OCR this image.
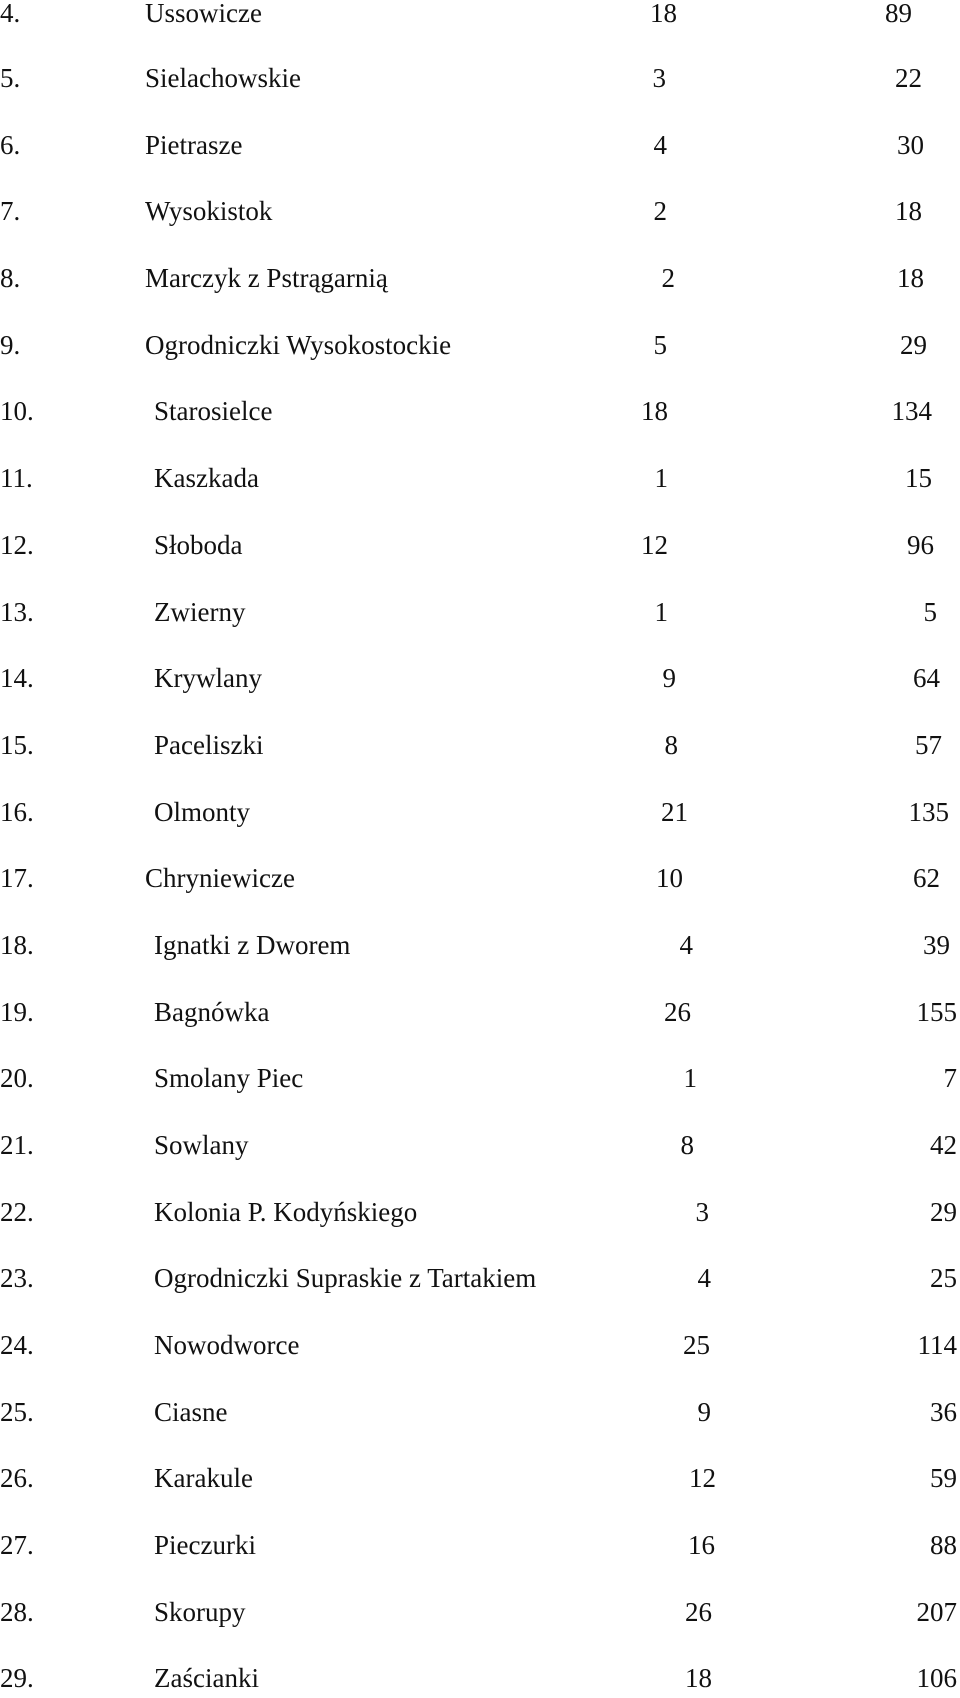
4.	Ussowicze	18	89
5.	Sielachowskie	3	22
6.	Pietrasze	4	30
7.	Wysokistok	2	18
8.	Marczyk z Pstrągarnią	2	18
9.	Ogrodniczki Wysokostockie	5	29
10.	Starosielce	18	134
11.	Kaszkada	1	15
12.	Słoboda	12	96
13.	Zwierny	1	5
14.	Krywlany	9	64
15.	Paceliszki	8	57
16.	Olmonty	21	135
17.	Chryniewicze	10	62
18.	Ignatki z Dworem	4	39
19.	Bagnówka	26	155
20.	Smolany Piec	1	7
21.	Sowlany	8	42
22.	Kolonia P. Kodyńskiego	3	29
23.	Ogrodniczki Supraskie z Tartakiem	4	25
24.	Nowodworce	25	114
25.	Ciasne	9	36
26.	Karakule	12	59
27.	Pieczurki	16	88
28.	Skorupy	26	207
29.	Zaścianki	18	106
